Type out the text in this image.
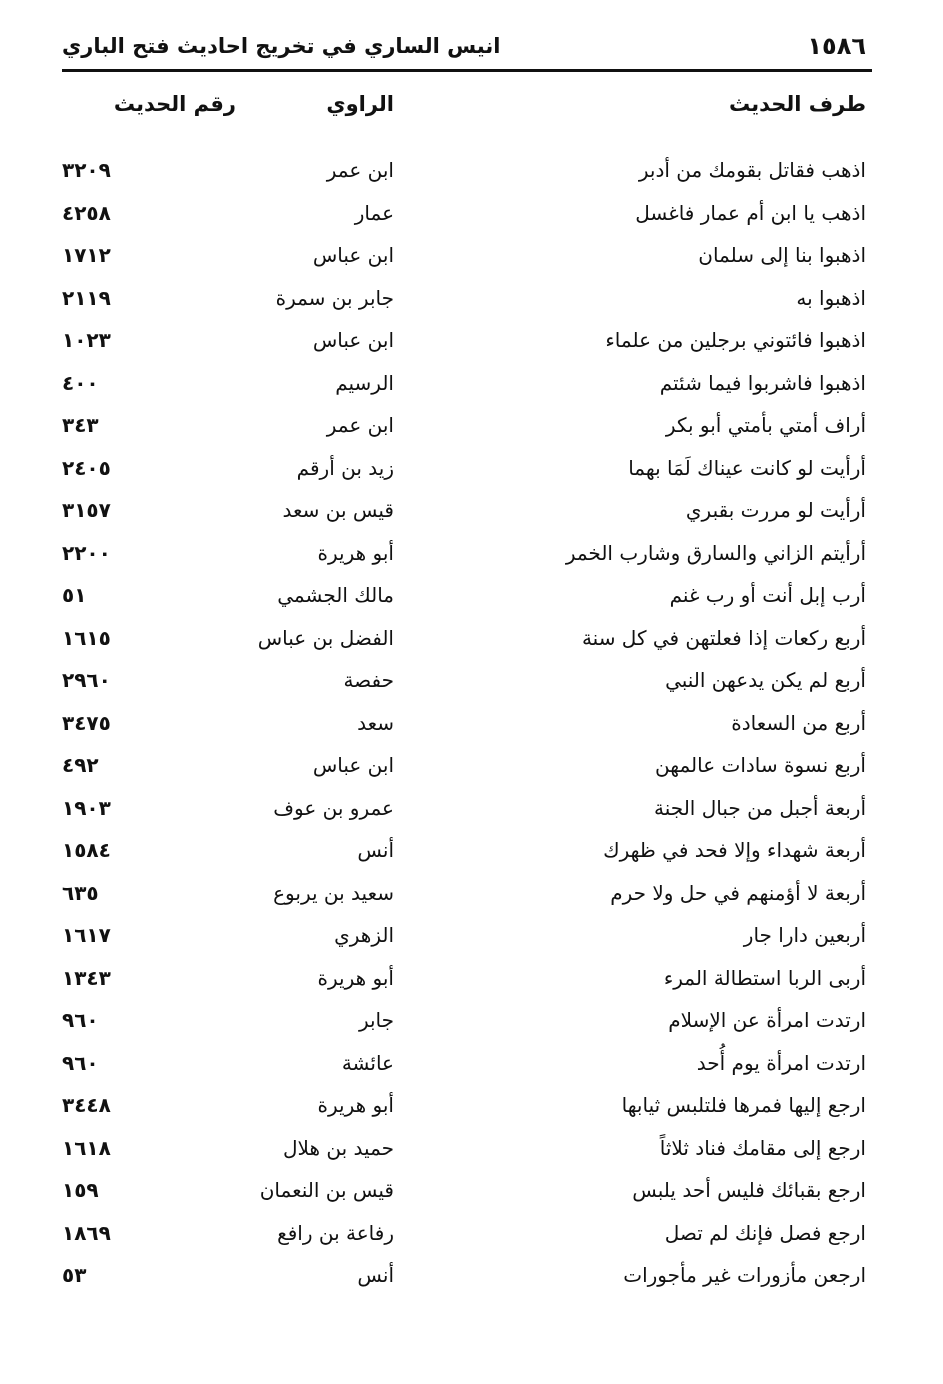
١٥٨٦
انيس الساري في تخريج احاديث فتح الباري
طرف الحديث
الراوي
رقم الحديث
اذهب فقاتل بقومك من أدبر
ابن عمر
٣٢٠٩
اذهب يا ابن أم عمار فاغسل
عمار
٤٢٥٨
اذهبوا بنا إلى سلمان
ابن عباس
١٧١٢
اذهبوا به
جابر بن سمرة
٢١١٩
اذهبوا فائتوني برجلين من علماء
ابن عباس
١٠٢٣
اذهبوا فاشربوا فيما شئتم
الرسيم
٤٠٠
أراف أمتي بأمتي أبو بكر
ابن عمر
٣٤٣
أرأيت لو كانت عيناك لَمَا بهما
زيد بن أرقم
٢٤٠٥
أرأيت لو مررت بقبري
قيس بن سعد
٣١٥٧
أرأيتم الزاني والسارق وشارب الخمر
أبو هريرة
٢٢٠٠
أرب إبل أنت أو رب غنم
مالك الجشمي
٥١
أربع ركعات إذا فعلتهن في كل سنة
الفضل بن عباس
١٦١٥
أربع لم يكن يدعهن النبي
حفصة
٢٩٦٠
أربع من السعادة
سعد
٣٤٧٥
أربع نسوة سادات عالمهن
ابن عباس
٤٩٢
أربعة أجبل من جبال الجنة
عمرو بن عوف
١٩٠٣
أربعة شهداء وإلا فحد في ظهرك
أنس
١٥٨٤
أربعة لا أؤمنهم في حل ولا حرم
سعيد بن يربوع
٦٣٥
أربعين دارا جار
الزهري
١٦١٧
أربى الربا استطالة المرء
أبو هريرة
١٣٤٣
ارتدت امرأة عن الإسلام
جابر
٩٦٠
ارتدت امرأة يوم أُحد
عائشة
٩٦٠
ارجع إليها فمرها فلتلبس ثيابها
أبو هريرة
٣٤٤٨
ارجع إلى مقامك فناد ثلاثاً
حميد بن هلال
١٦١٨
ارجع بقبائك فليس أحد يلبس
قيس بن النعمان
١٥٩
ارجع فصل فإنك لم تصل
رفاعة بن رافع
١٨٦٩
ارجعن مأزورات غير مأجورات
أنس
٥٣
